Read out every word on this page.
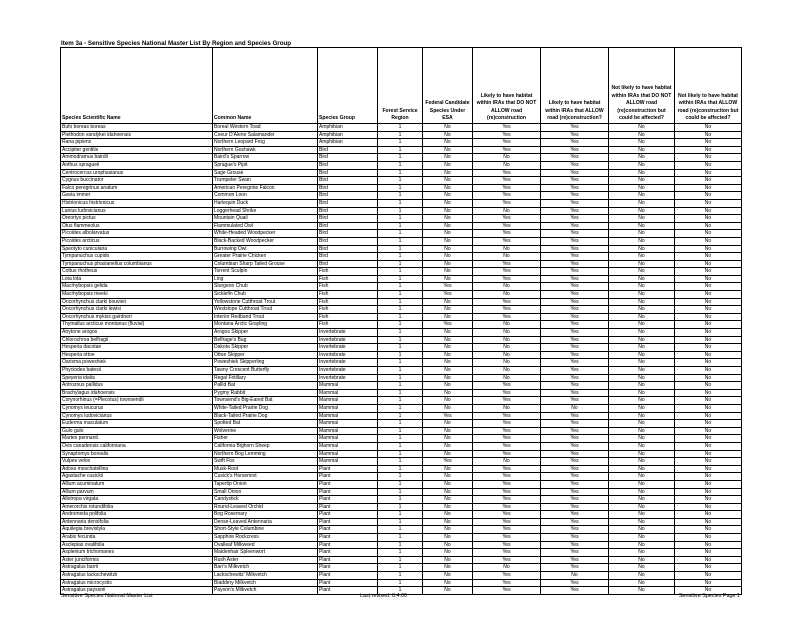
Item 3a - Sensitive Species National Master List By Region and Species Group
Species Scientific Name	Common Name	Species Group	Forest Service Region	Federal Candidate Species Under ESA	Likely to have habitat within IRAs that DO NOT ALLOW road (re)construction	Likely to have habitat within IRAs that ALLOW road (re)construction?	Not likely to have habitat within IRAs that DO NOT ALLOW road (re)construction but could be affected?	Not likely to have habitat within IRAs that ALLOW road (re)construction but could be affected?
Bufo boreas boreas	Boreal Western Toad	Amphibian	1	No	Yes	Yes	No	No
Plethodon vandykei idahoensis	Coeur D'Alene Salamander	Amphibian	1	No	Yes	Yes	No	No
Rana pipiens	Northern Leopard Frog	Amphibian	1	No	Yes	Yes	No	No
Accipiter gentilis	Northern Goshawk	Bird	1	No	Yes	Yes	No	No
Ammodramus bairdii	Baird's Sparrow	Bird	1	No	No	Yes	No	No
Anthus spragueii	Sprague's Pipit	Bird	1	No	No	Yes	No	No
Centrocercus urophasianus	Sage Grouse	Bird	1	No	Yes	Yes	No	No
Cygnus buccinator	Trumpeter Swan	Bird	1	No	Yes	Yes	No	No
Falco peregrinus anatum	American Peregrine Falcon	Bird	1	No	Yes	Yes	No	No
Gavia immer	Common Loon	Bird	1	No	Yes	Yes	No	No
Histrionicus histrionicus	Harlequin Duck	Bird	1	No	Yes	Yes	No	No
Lanius ludovicianus	Loggerhead Shrike	Bird	1	No	No	Yes	No	No
Oreortyx pictus	Mountain Quail	Bird	1	No	Yes	Yes	No	No
Otus flammeolus	Flammulated Owl	Bird	1	No	Yes	Yes	No	No
Picoides albolarvatus	White-Headed Woodpecker	Bird	1	No	Yes	Yes	No	No
Picoides arcticus	Black-Backed Woodpecker	Bird	1	No	Yes	Yes	No	No
Speotyto cunicularia	Burrowing Owl	Bird	1	No	No	Yes	No	No
Tympanuchus cupido	Greater Prairie Chicken	Bird	1	No	No	Yes	No	No
Tympanuchus phasianellus columbianus	Columbian Sharp Tailed Grouse	Bird	1	No	Yes	Yes	No	No
Cottus rhotheus	Torrent Sculpin	Fish	1	No	Yes	Yes	No	No
Lota lota	Ling	Fish	1	No	Yes	Yes	No	No
Macrhybopsis gelida	Sturgeon Chub	Fish	1	Yes	No	Yes	No	No
Macrhybopsis meeki	Sicklefin Chub	Fish	1	Yes	No	Yes	No	No
Oncorhynchus clarki bouvieri	Yellowstone Cutthroat Trout	Fish	1	No	Yes	Yes	No	No
Oncorhynchus clarki lewisi	Westslope Cutthroat Trout	Fish	1	No	Yes	Yes	No	No
Oncorhynchus mykiss gairdneri	Interior Redband Trout	Fish	1	No	Yes	Yes	No	No
Thymallus arcticus montanus (fluvial)	Montana Arctic Grayling	Fish	1	Yes	No	Yes	No	No
Atrytone arogos	Arogos Skipper	Invertebrate	1	No	No	Yes	No	No
Chlorochroa belfragii	Belfrage's Bug	Invertebrate	1	No	No	Yes	No	No
Hesperia dacotae	Dakota Skipper	Invertebrate	1	No	No	Yes	No	No
Hesperia ottoe	Ottoe Skipper	Invertebrate	1	No	No	Yes	No	No
Oarisma poweshiek	Poweshiek Skipperling	Invertebrate	1	No	No	Yes	No	No
Phyciodes batesii	Tawny Crescent Butterfly	Invertebrate	1	No	No	Yes	No	No
Speyeria idalia	Regal Fritillary	Invertebrate	1	No	No	Yes	No	No
Antrozous pallidus	Pallid Bat	Mammal	1	No	Yes	Yes	No	No
Brachylagus idahoensis	Pygmy Rabbit	Mammal	1	No	Yes	Yes	No	No
Corynorhinus (=Plecotus) townsendii	Townsend's Big-Eared Bat	Mammal	1	No	Yes	Yes	No	No
Cynomys leucurus	White-Tailed Prairie Dog	Mammal	1	No	No	No	No	No
Cynomys ludovicianus	Black-Tailed Prairie Dog	Mammal	1	Yes	Yes	Yes	No	No
Euderma maculatum	Spotted Bat	Mammal	1	No	Yes	Yes	No	No
Gulo gulo	Wolverine	Mammal	1	No	Yes	Yes	No	No
Martes pennanti	Fisher	Mammal	1	No	Yes	Yes	No	No
Ovis canadensis californiana	California Bighorn Sheep	Mammal	1	No	Yes	Yes	No	No
Synaptomys borealis	Northern Bog Lemming	Mammal	1	No	Yes	Yes	No	No
Vulpes velox	Swift Fox	Mammal	1	Yes	No	Yes	No	No
Adoxa moschatellina	Musk-Root	Plant	1	No	Yes	Yes	No	No
Agastache cusickii	Cusick's Horsemint	Plant	1	No	Yes	Yes	No	No
Allium acuminatum	Tapertip Onion	Plant	1	No	Yes	Yes	No	No
Allium parvum	Small Onion	Plant	1	No	Yes	Yes	No	No
Allotropa virgata	Candystick	Plant	1	No	Yes	Yes	No	No
Amerorchis rotundifolia	Round-Leaved Orchid	Plant	1	No	Yes	Yes	No	No
Andromeda polifolia	Bog Rosemary	Plant	1	No	Yes	Yes	No	No
Antennaria densifolia	Dense-Leaved Antennaria	Plant	1	No	Yes	Yes	No	No
Aquilegia brevistyla	Short-Style Columbine	Plant	1	No	Yes	Yes	No	No
Arabis fecunda	Sapphire Rockcress	Plant	1	No	Yes	Yes	No	No
Asclepias ovalifolia	Ovalleaf Milkweed	Plant	1	No	Yes	Yes	No	No
Asplenium trichomanes	Maidenhair Spleenwort	Plant	1	No	Yes	Yes	No	No
Aster junciformis	Rush Aster	Plant	1	No	Yes	Yes	No	No
Astragalus barrii	Barr's Milkvetch	Plant	1	No	No	Yes	No	No
Astragalus lackschewitzii	Lackschewitz' Milkvetch	Plant	1	No	Yes	No	No	No
Astragalus microcystis	Bladdery Milkvetch	Plant	1	No	Yes	Yes	No	No
Astragalus paysonii	Payson's Milkvetch	Plant	1	No	Yes	Yes	No	No
Sensitive Species National Master List	Last revised: 8.4.00	Sensitive Species Page 1
